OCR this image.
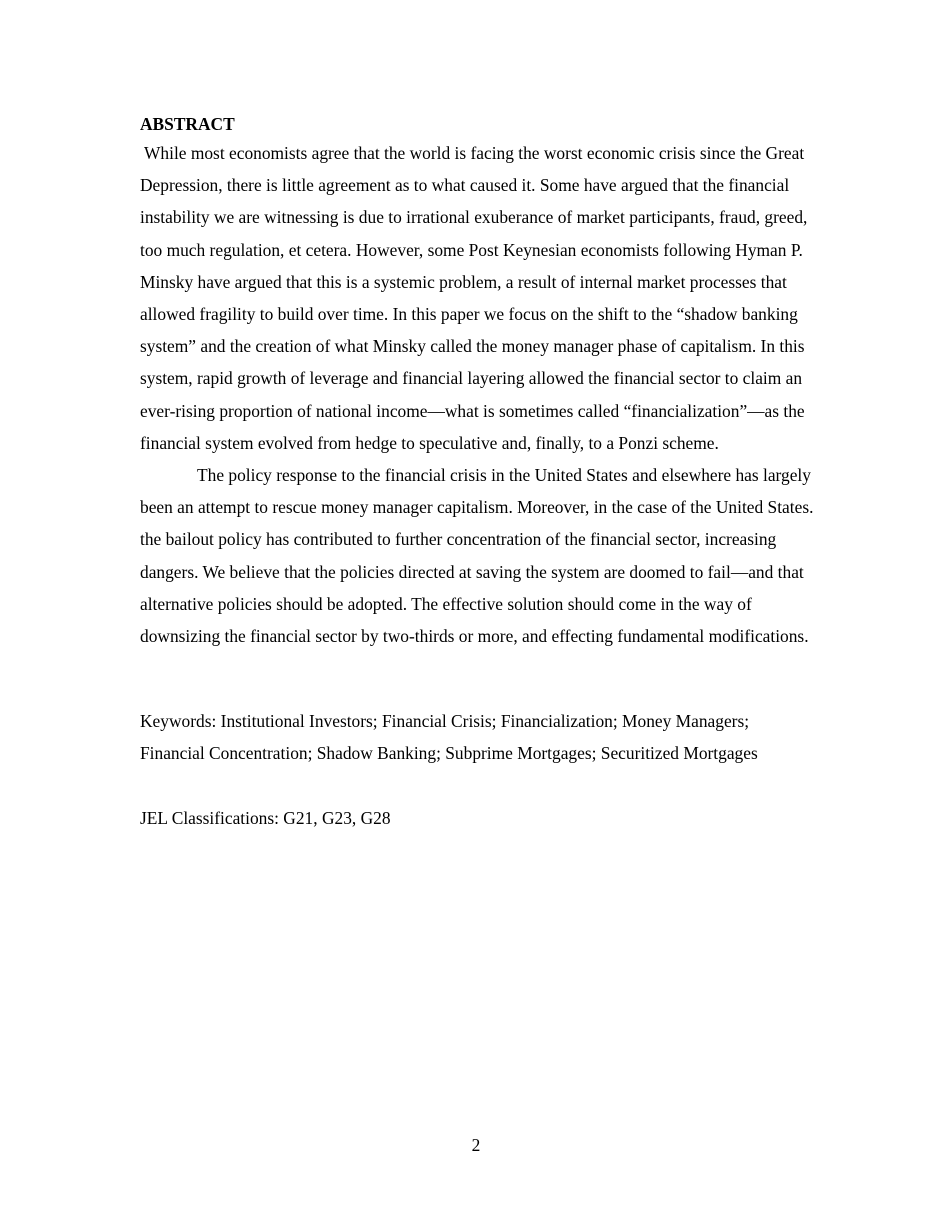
ABSTRACT

While most economists agree that the world is facing the worst economic crisis since the Great Depression, there is little agreement as to what caused it. Some have argued that the financial instability we are witnessing is due to irrational exuberance of market participants, fraud, greed, too much regulation, et cetera. However, some Post Keynesian economists following Hyman P. Minsky have argued that this is a systemic problem, a result of internal market processes that allowed fragility to build over time. In this paper we focus on the shift to the “shadow banking system” and the creation of what Minsky called the money manager phase of capitalism. In this system, rapid growth of leverage and financial layering allowed the financial sector to claim an ever-rising proportion of national income—what is sometimes called “financialization”—as the financial system evolved from hedge to speculative and, finally, to a Ponzi scheme.

The policy response to the financial crisis in the United States and elsewhere has largely been an attempt to rescue money manager capitalism. Moreover, in the case of the United States. the bailout policy has contributed to further concentration of the financial sector, increasing dangers. We believe that the policies directed at saving the system are doomed to fail—and that alternative policies should be adopted. The effective solution should come in the way of downsizing the financial sector by two-thirds or more, and effecting fundamental modifications.

Keywords: Institutional Investors; Financial Crisis; Financialization; Money Managers; Financial Concentration; Shadow Banking; Subprime Mortgages; Securitized Mortgages

JEL Classifications: G21, G23, G28

2
